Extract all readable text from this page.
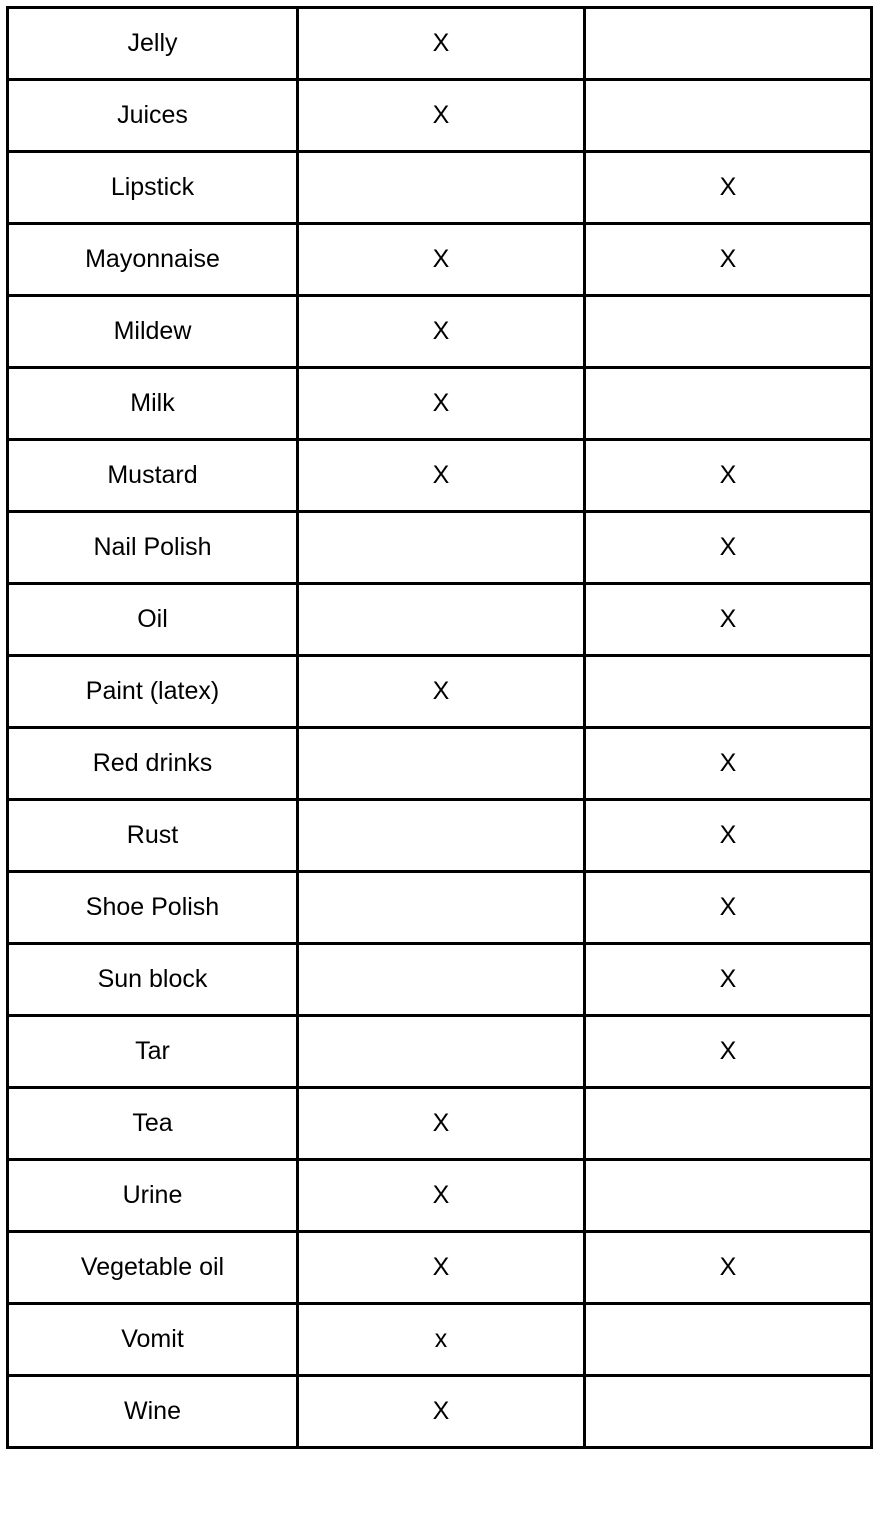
Jelly	X	
Juices	X	
Lipstick		X
Mayonnaise	X	X
Mildew	X	
Milk	X	
Mustard	X	X
Nail Polish		X
Oil		X
Paint (latex)	X	
Red drinks		X
Rust		X
Shoe Polish		X
Sun block		X
Tar		X
Tea	X	
Urine	X	
Vegetable oil	X	X
Vomit	x	
Wine	X	
